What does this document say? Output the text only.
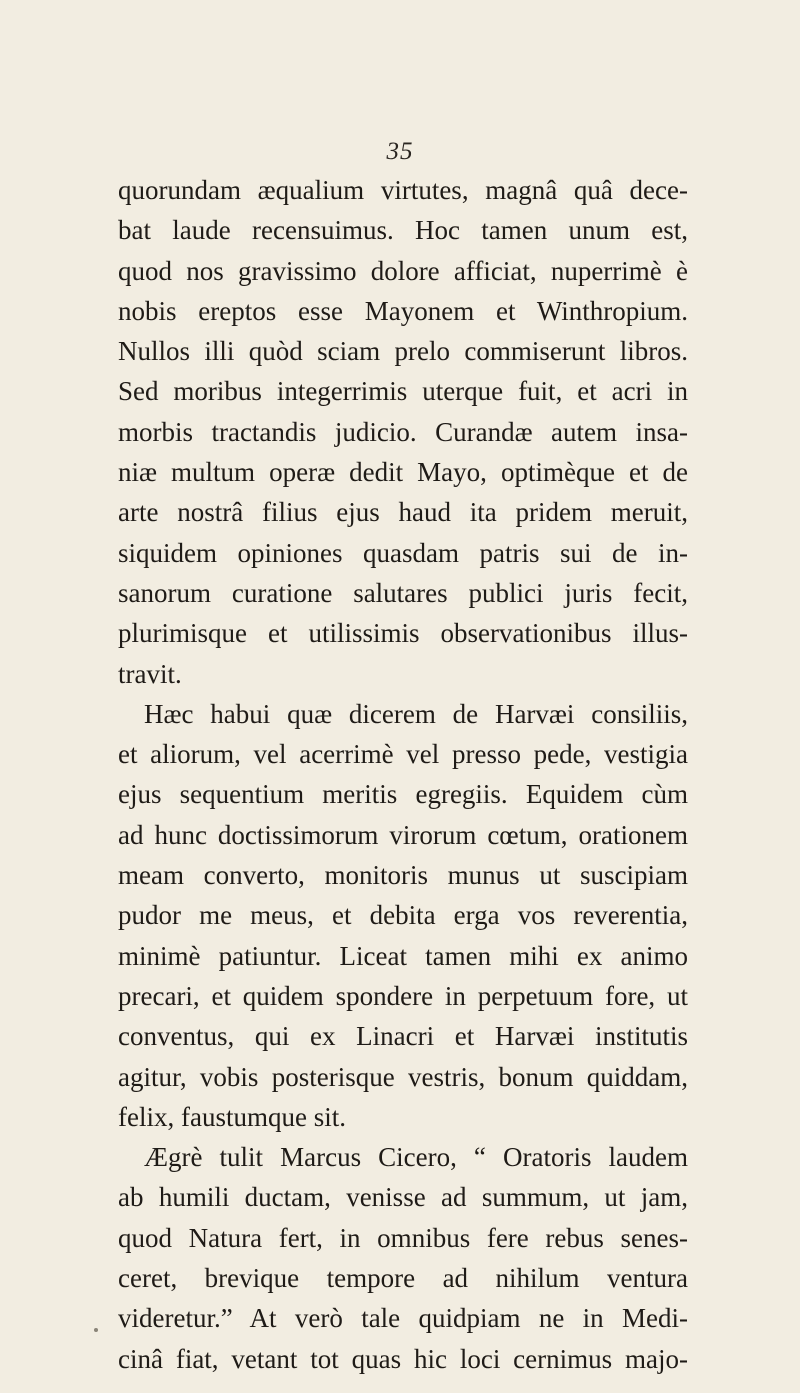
35
quorundam æqualium virtutes, magnâ quâ dece-
bat laude recensuimus. Hoc tamen unum est,
quod nos gravissimo dolore afficiat, nuperrimè è
nobis ereptos esse Mayonem et Winthropium.
Nullos illi quòd sciam prelo commiserunt libros.
Sed moribus integerrimis uterque fuit, et acri in
morbis tractandis judicio. Curandæ autem insa-
niæ multum operæ dedit Mayo, optimèque et de
arte nostrâ filius ejus haud ita pridem meruit,
siquidem opiniones quasdam patris sui de in-
sanorum curatione salutares publici juris fecit,
plurimisque et utilissimis observationibus illus-
travit.
Hæc habui quæ dicerem de Harvæi consiliis,
et aliorum, vel acerrimè vel presso pede, vestigia
ejus sequentium meritis egregiis. Equidem cùm
ad hunc doctissimorum virorum cœtum, orationem
meam converto, monitoris munus ut suscipiam
pudor me meus, et debita erga vos reverentia,
minimè patiuntur. Liceat tamen mihi ex animo
precari, et quidem spondere in perpetuum fore, ut
conventus, qui ex Linacri et Harvæi institutis
agitur, vobis posterisque vestris, bonum quiddam,
felix, faustumque sit.
Ægrè tulit Marcus Cicero, “ Oratoris laudem
ab humili ductam, venisse ad summum, ut jam,
quod Natura fert, in omnibus fere rebus senes-
ceret, brevique tempore ad nihilum ventura
videretur.” At verò tale quidpiam ne in Medi-
cinâ fiat, vetant tot quas hic loci cernimus majo-
